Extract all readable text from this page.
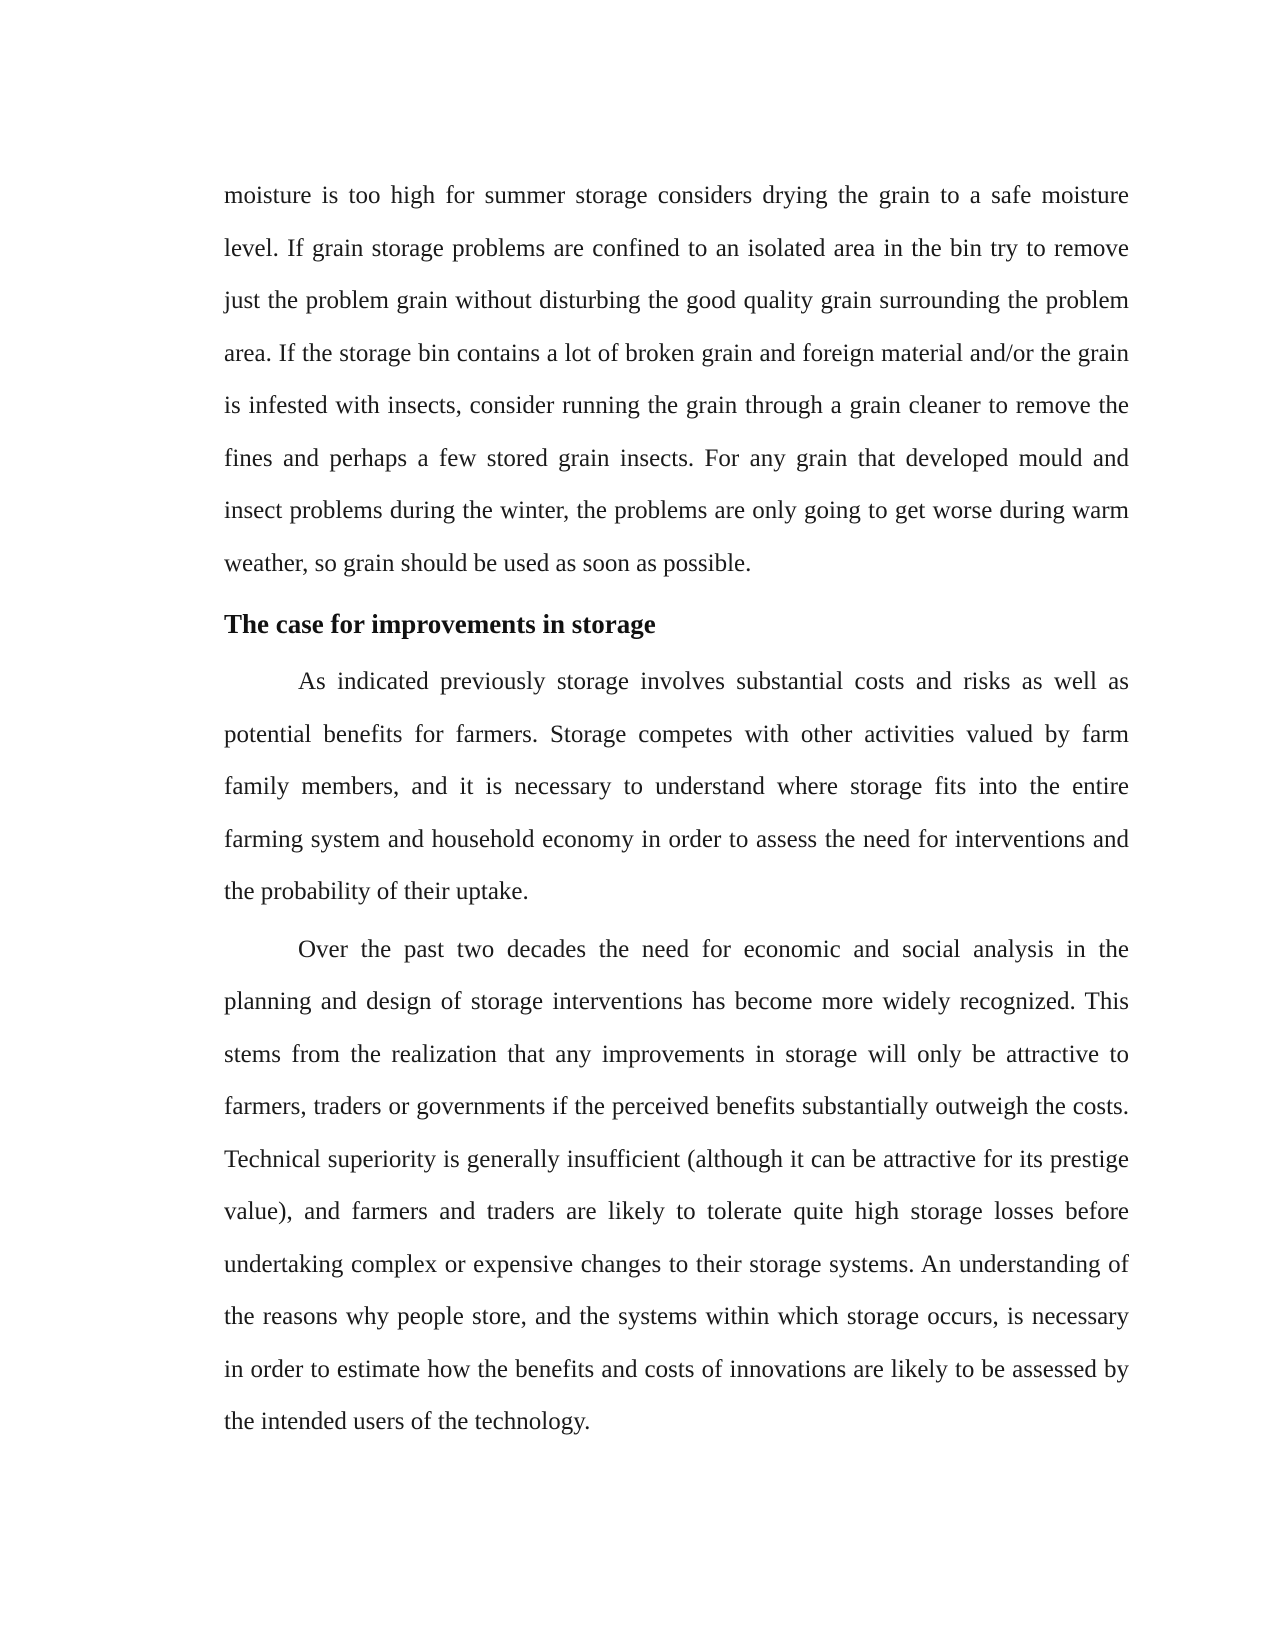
moisture is too high for summer storage considers drying the grain to a safe moisture level. If grain storage problems are confined to an isolated area in the bin try to remove just the problem grain without disturbing the good quality grain surrounding the problem area. If the storage bin contains a lot of broken grain and foreign material and/or the grain is infested with insects, consider running the grain through a grain cleaner to remove the fines and perhaps a few stored grain insects. For any grain that developed mould and insect problems during the winter, the problems are only going to get worse during warm weather, so grain should be used as soon as possible.

The case for improvements in storage

As indicated previously storage involves substantial costs and risks as well as potential benefits for farmers. Storage competes with other activities valued by farm family members, and it is necessary to understand where storage fits into the entire farming system and household economy in order to assess the need for interventions and the probability of their uptake.

Over the past two decades the need for economic and social analysis in the planning and design of storage interventions has become more widely recognized. This stems from the realization that any improvements in storage will only be attractive to farmers, traders or governments if the perceived benefits substantially outweigh the costs. Technical superiority is generally insufficient (although it can be attractive for its prestige value), and farmers and traders are likely to tolerate quite high storage losses before undertaking complex or expensive changes to their storage systems. An understanding of the reasons why people store, and the systems within which storage occurs, is necessary in order to estimate how the benefits and costs of innovations are likely to be assessed by the intended users of the technology.
